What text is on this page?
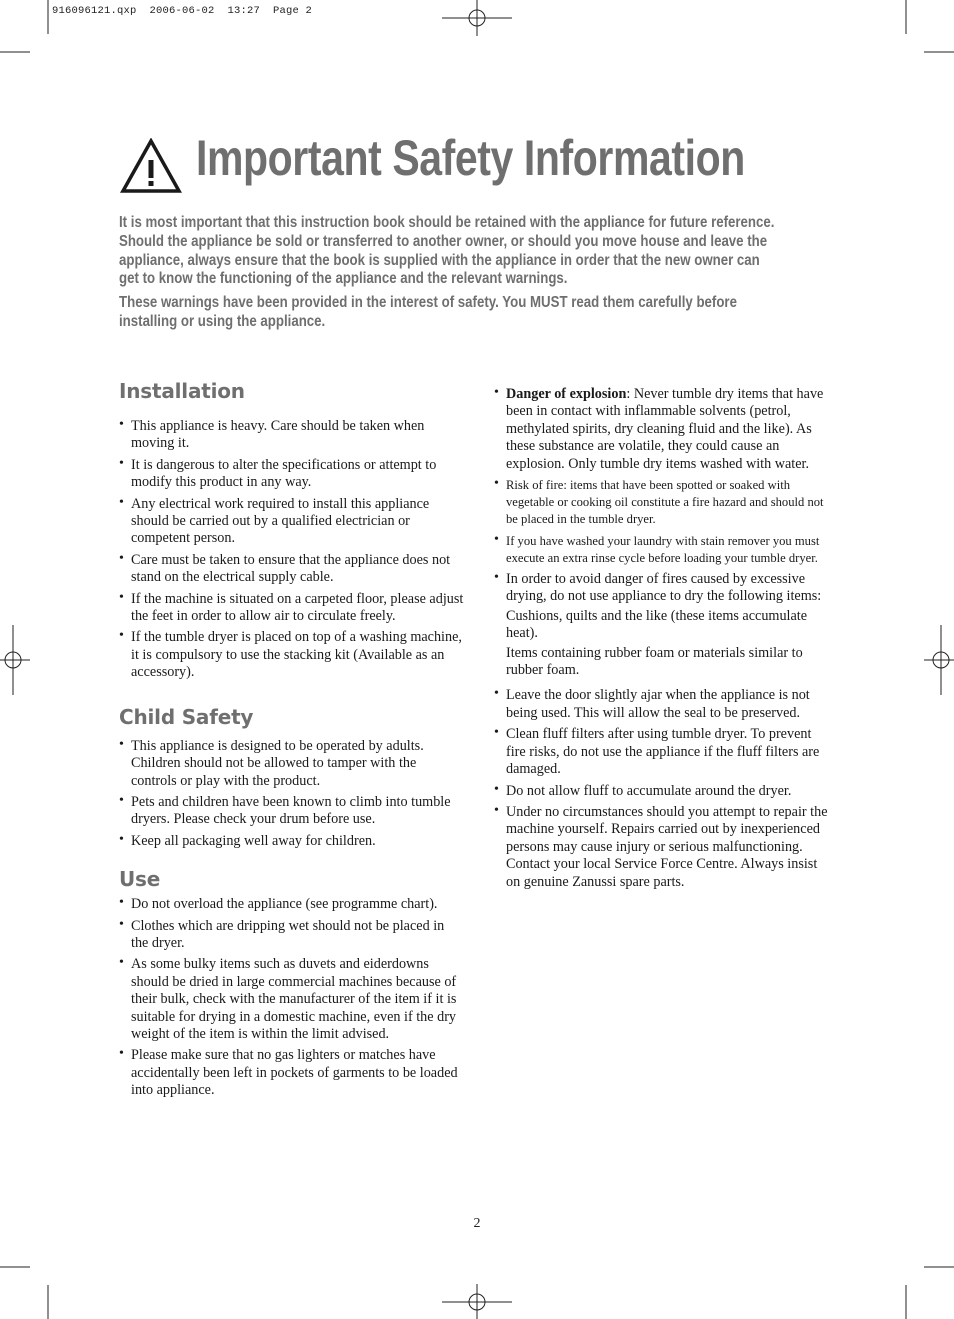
916096121.qxp  2006-06-02  13:27  Page 2
Important Safety Information

It is most important that this instruction book should be retained with the appliance for future reference. Should the appliance be sold or transferred to another owner, or should you move house and leave the appliance, always ensure that the book is supplied with the appliance in order that the new owner can get to know the functioning of the appliance and the relevant warnings.

These warnings have been provided in the interest of safety. You MUST read them carefully before installing or using the appliance.

Installation
• This appliance is heavy. Care should be taken when moving it.
• It is dangerous to alter the specifications or attempt to modify this product in any way.
• Any electrical work required to install this appliance should be carried out by a qualified electrician or competent person.
• Care must be taken to ensure that the appliance does not stand on the electrical supply cable.
• If the machine is situated on a carpeted floor, please adjust the feet in order to allow air to circulate freely.
• If the tumble dryer is placed on top of a washing machine, it is compulsory to use the stacking kit (Available as an accessory).
Child Safety
• This appliance is designed to be operated by adults. Children should not be allowed to tamper with the controls or play with the product.
• Pets and children have been known to climb into tumble dryers. Please check your drum before use.
• Keep all packaging well away for children.
Use
• Do not overload the appliance (see programme chart).
• Clothes which are dripping wet should not be placed in the dryer.
• As some bulky items such as duvets and eiderdowns should be dried in large commercial machines because of their bulk, check with the manufacturer of the item if it is suitable for drying in a domestic machine, even if the dry weight of the item is within the limit advised.
• Please make sure that no gas lighters or matches have accidentally been left in pockets of garments to be loaded into appliance.
• Danger of explosion: Never tumble dry items that have been in contact with inflammable solvents (petrol, methylated spirits, dry cleaning fluid and the like). As these substance are volatile, they could cause an explosion. Only tumble dry items washed with water.
• Risk of fire: items that have been spotted or soaked with vegetable or cooking oil constitute a fire hazard and should not be placed in the tumble dryer.
• If you have washed your laundry with stain remover you must execute an extra rinse cycle before loading your tumble dryer.
• In order to avoid danger of fires caused by excessive drying, do not use appliance to dry the following items:
Cushions, quilts and the like (these items accumulate heat).
Items containing rubber foam or materials similar to rubber foam.
• Leave the door slightly ajar when the appliance is not being used. This will allow the seal to be preserved.
• Clean fluff filters after using tumble dryer. To prevent fire risks, do not use the appliance if the fluff filters are damaged.
• Do not allow fluff to accumulate around the dryer.
• Under no circumstances should you attempt to repair the machine yourself. Repairs carried out by inexperienced persons may cause injury or serious malfunctioning. Contact your local Service Force Centre. Always insist on genuine Zanussi spare parts.
2
